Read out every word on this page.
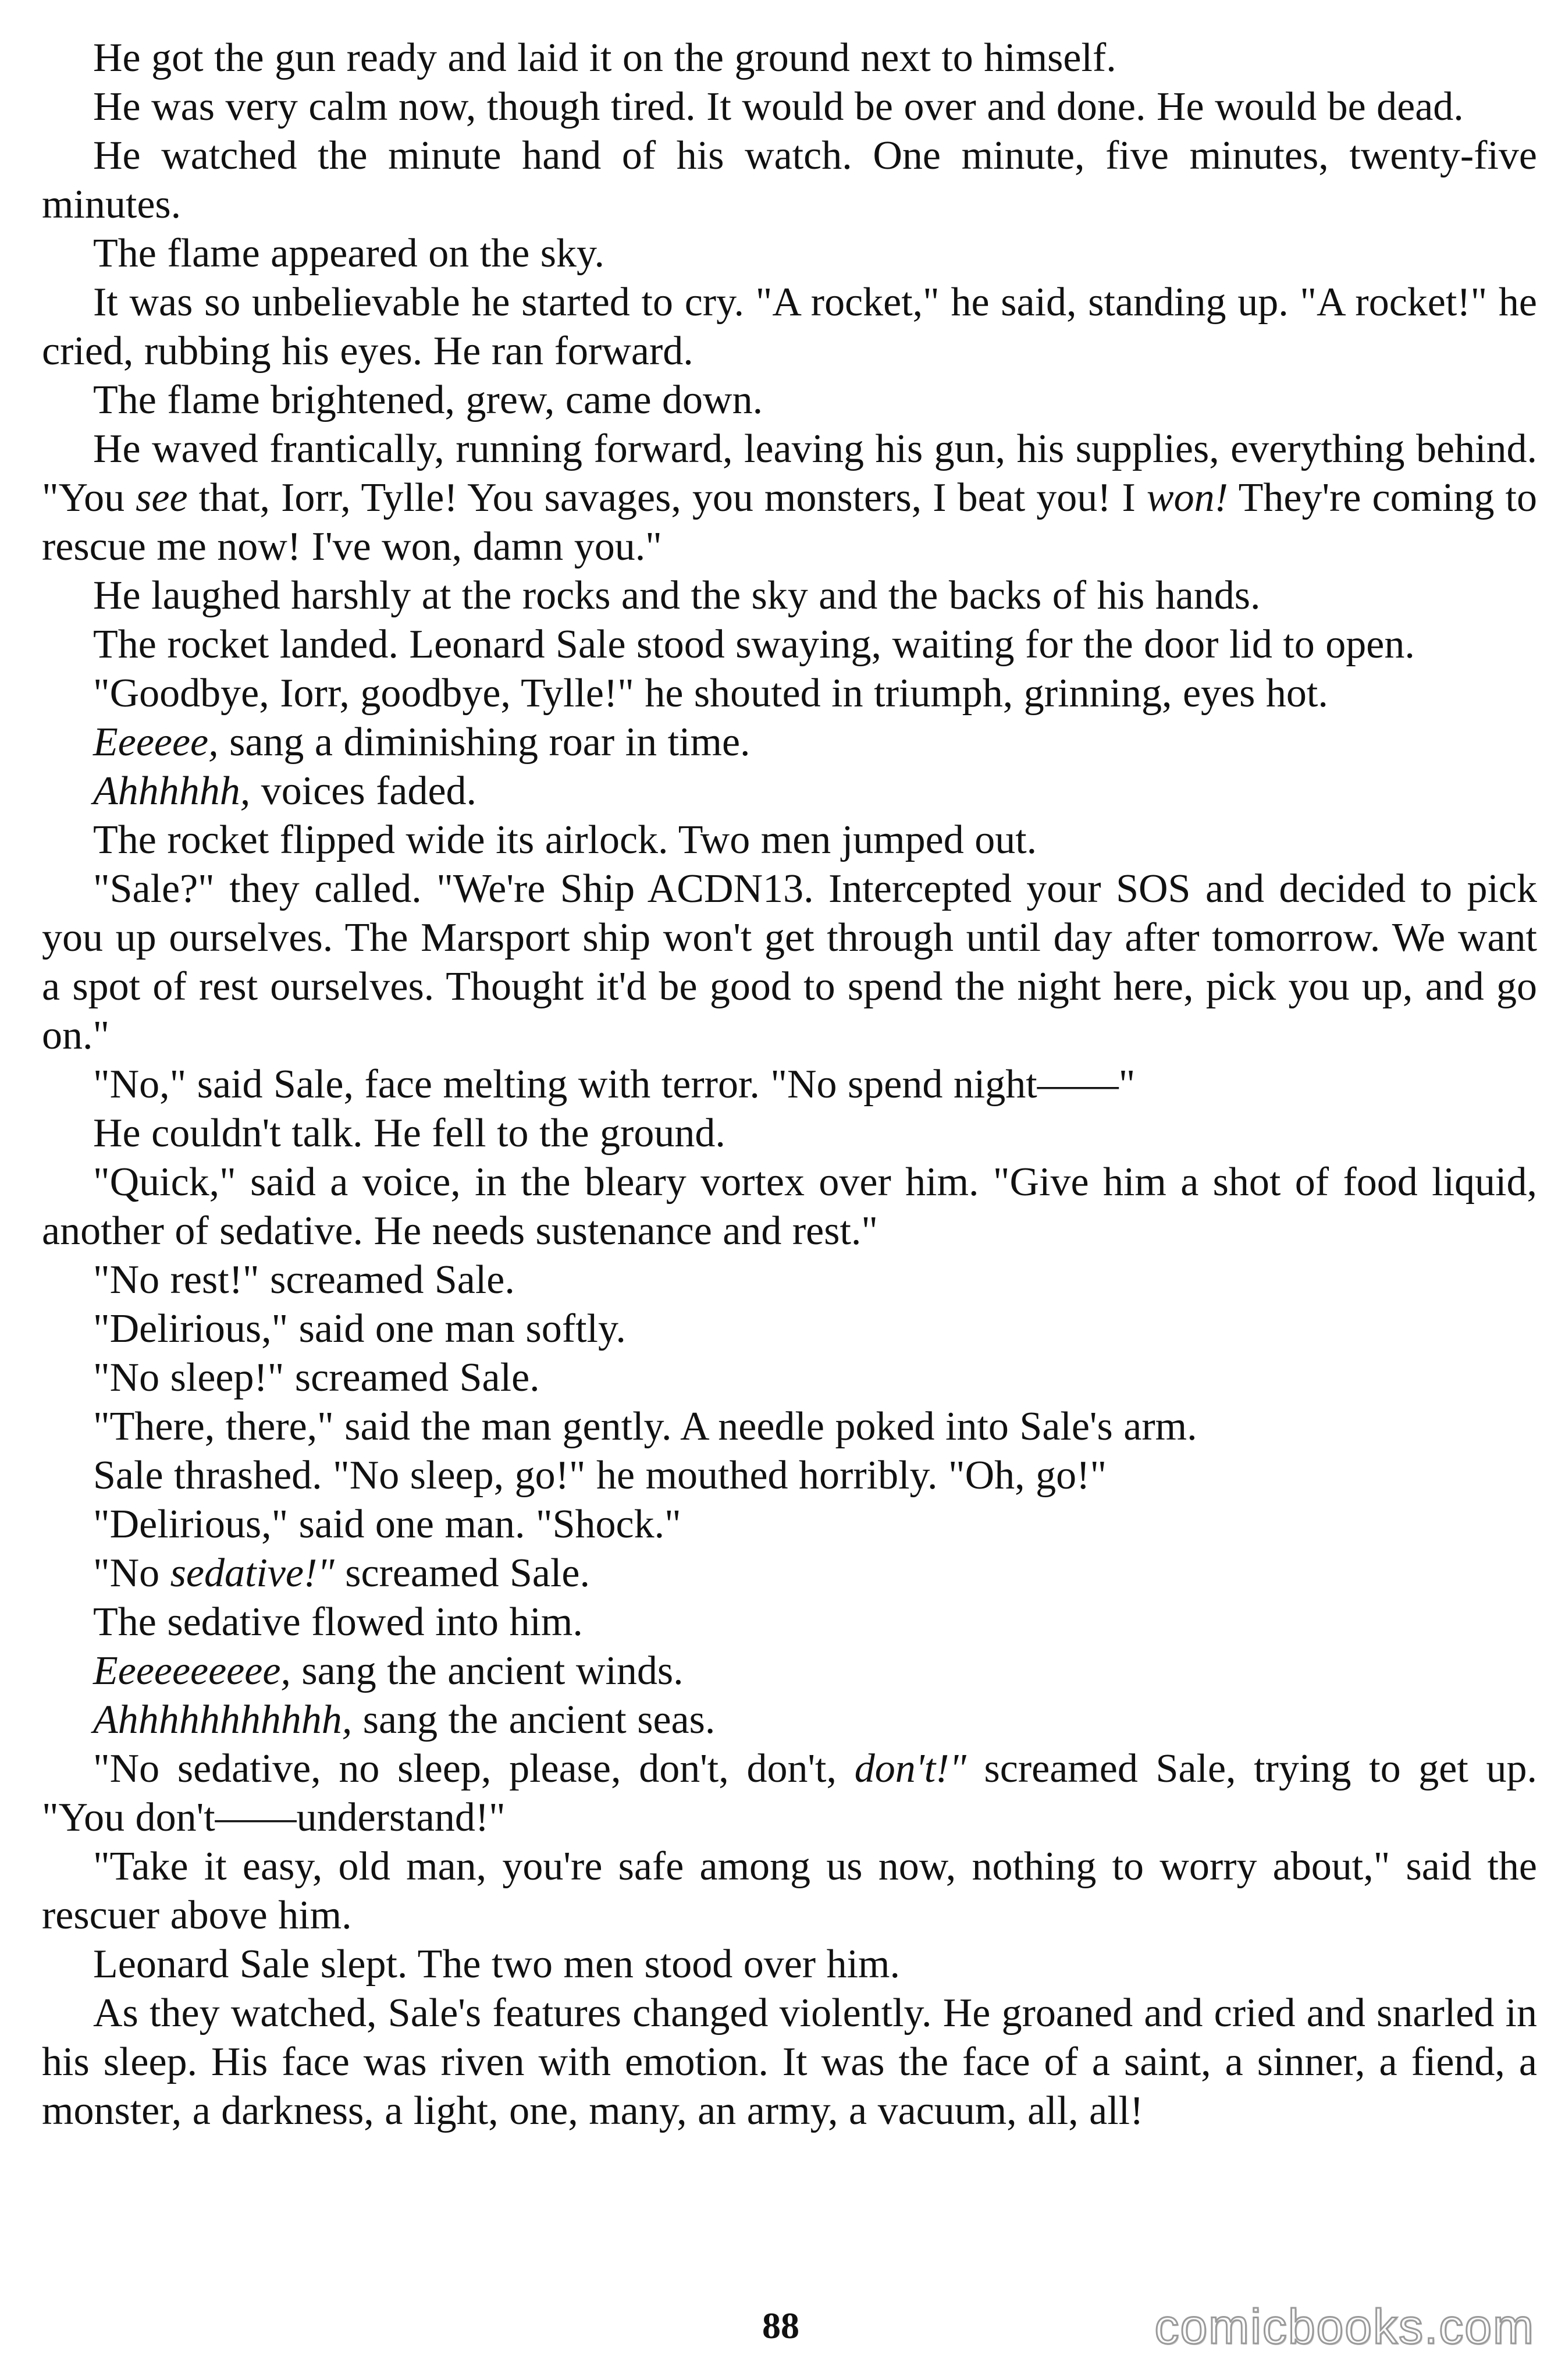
He got the gun ready and laid it on the ground next to himself.

He was very calm now, though tired. It would be over and done. He would be dead.

He watched the minute hand of his watch. One minute, five minutes, twenty-five minutes.

The flame appeared on the sky.

It was so unbelievable he started to cry. "A rocket," he said, standing up. "A rocket!" he cried, rubbing his eyes. He ran forward.

The flame brightened, grew, came down.

He waved frantically, running forward, leaving his gun, his supplies, everything behind. "You see that, Iorr, Tylle! You savages, you monsters, I beat you! I won! They're coming to rescue me now! I've won, damn you."

He laughed harshly at the rocks and the sky and the backs of his hands.

The rocket landed. Leonard Sale stood swaying, waiting for the door lid to open.

"Goodbye, Iorr, goodbye, Tylle!" he shouted in triumph, grinning, eyes hot.

Eeeeee, sang a diminishing roar in time.

Ahhhhhh, voices faded.

The rocket flipped wide its airlock. Two men jumped out.

"Sale?" they called. "We're Ship ACDN13. Intercepted your SOS and decided to pick you up ourselves. The Marsport ship won't get through until day after tomorrow. We want a spot of rest ourselves. Thought it'd be good to spend the night here, pick you up, and go on."

"No," said Sale, face melting with terror. "No spend night——"

He couldn't talk. He fell to the ground.

"Quick," said a voice, in the bleary vortex over him. "Give him a shot of food liquid, another of sedative. He needs sustenance and rest."

"No rest!" screamed Sale.

"Delirious," said one man softly.

"No sleep!" screamed Sale.

"There, there," said the man gently. A needle poked into Sale's arm.

Sale thrashed. "No sleep, go!" he mouthed horribly. "Oh, go!"

"Delirious," said one man. "Shock."

"No sedative!" screamed Sale.

The sedative flowed into him.

Eeeeeeeeee, sang the ancient winds.

Ahhhhhhhhhhh, sang the ancient seas.

"No sedative, no sleep, please, don't, don't, don't!" screamed Sale, trying to get up. "You don't——understand!"

"Take it easy, old man, you're safe among us now, nothing to worry about," said the rescuer above him.

Leonard Sale slept. The two men stood over him.

As they watched, Sale's features changed violently. He groaned and cried and snarled in his sleep. His face was riven with emotion. It was the face of a saint, a sinner, a fiend, a monster, a darkness, a light, one, many, an army, a vacuum, all, all!

88	comicbooks.com
